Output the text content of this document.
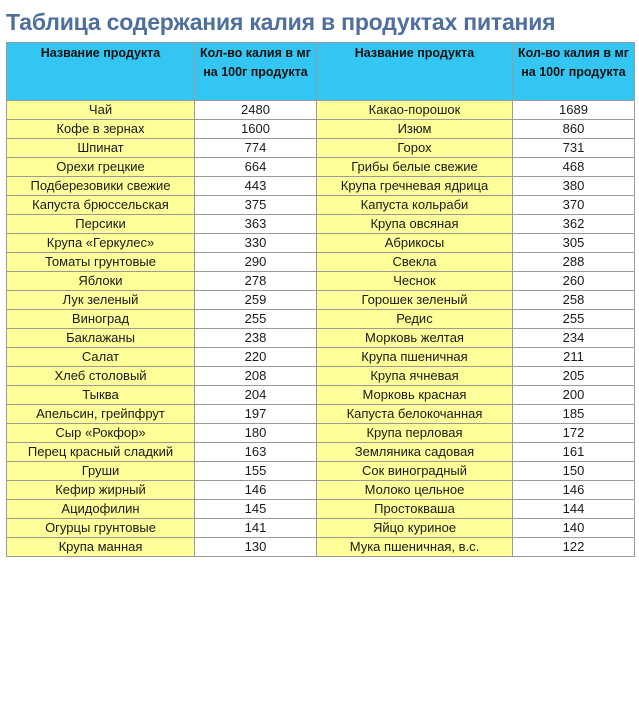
Таблица содержания калия в продуктах питания
Название продукта	Кол-во калия в мг на 100г продукта	Название продукта	Кол-во калия в мг на 100г продукта
Чай	2480	Какао-порошок	1689
Кофе в зернах	1600	Изюм	860
Шпинат	774	Горох	731
Орехи грецкие	664	Грибы белые свежие	468
Подберезовики свежие	443	Крупа гречневая ядрица	380
Капуста брюссельская	375	Капуста кольраби	370
Персики	363	Крупа овсяная	362
Крупа «Геркулес»	330	Абрикосы	305
Томаты грунтовые	290	Свекла	288
Яблоки	278	Чеснок	260
Лук зеленый	259	Горошек зеленый	258
Виноград	255	Редис	255
Баклажаны	238	Морковь желтая	234
Салат	220	Крупа пшеничная	211
Хлеб столовый	208	Крупа ячневая	205
Тыква	204	Морковь красная	200
Апельсин, грейпфрут	197	Капуста белокочанная	185
Сыр «Рокфор»	180	Крупа перловая	172
Перец красный сладкий	163	Земляника садовая	161
Груши	155	Сок виноградный	150
Кефир жирный	146	Молоко цельное	146
Ацидофилин	145	Простокваша	144
Огурцы грунтовые	141	Яйцо куриное	140
Крупа манная	130	Мука пшеничная, в.с.	122
